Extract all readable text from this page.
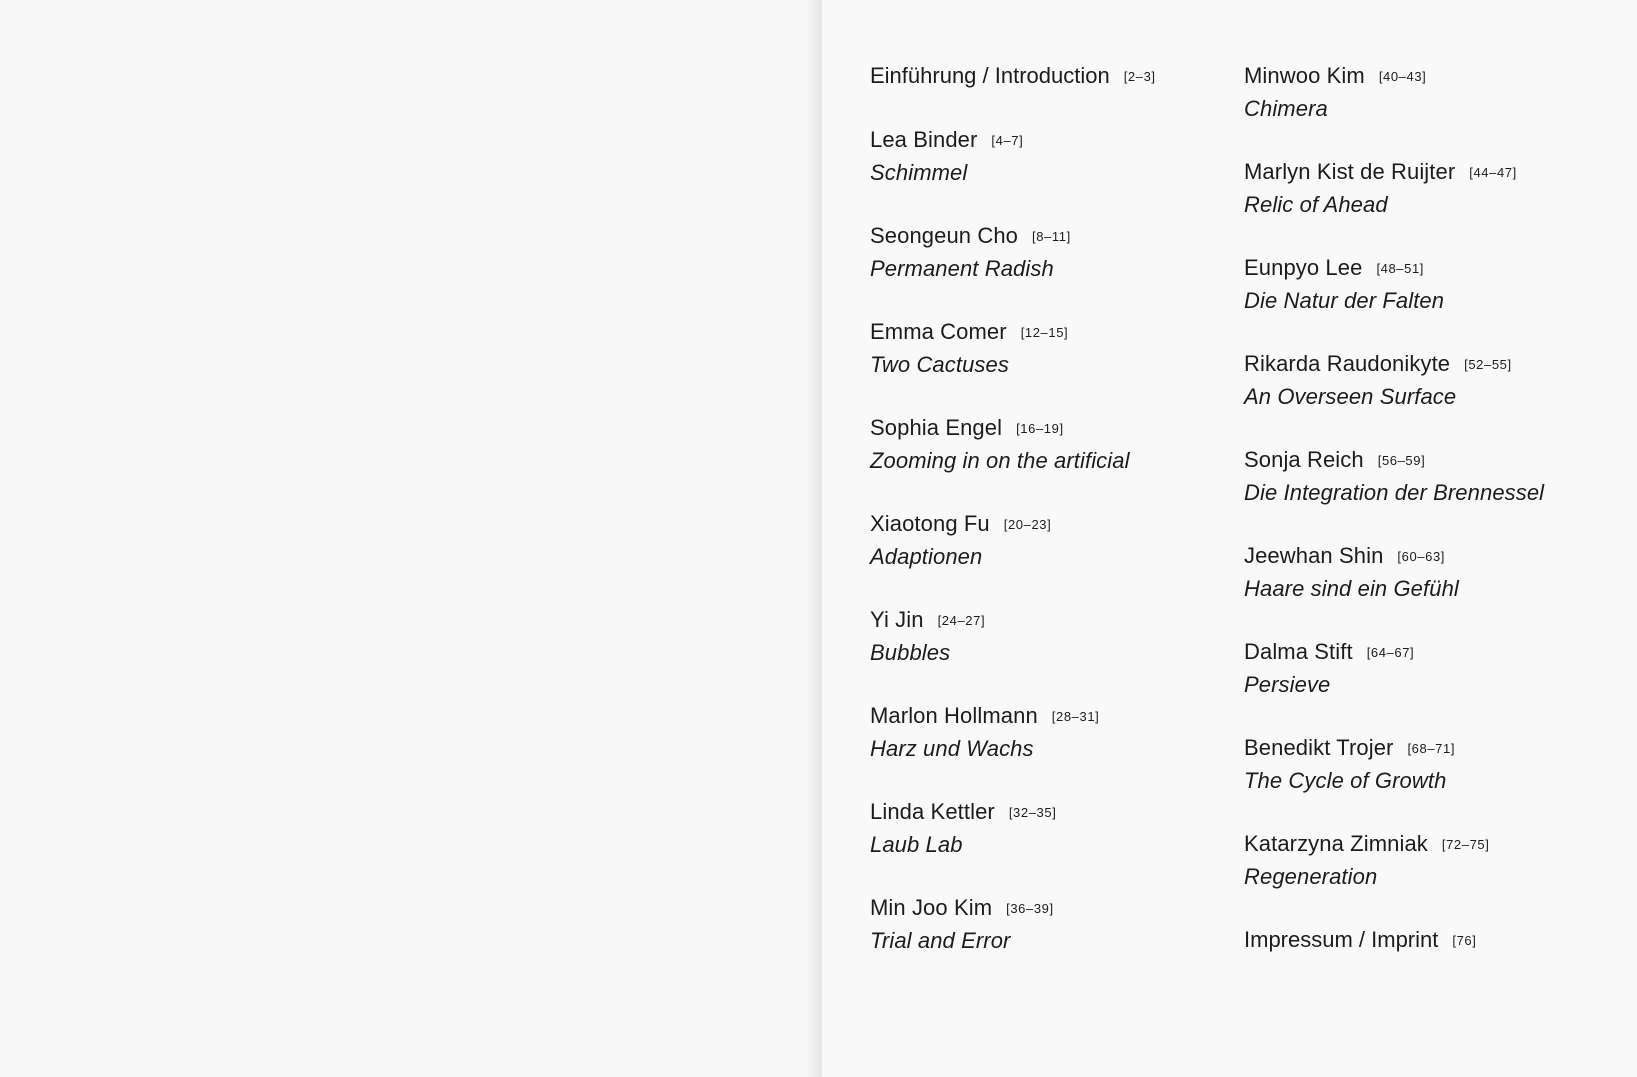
Einführung / Introduction [2–3]
Lea Binder [4–7]
Schimmel
Seongeun Cho [8–11]
Permanent Radish
Emma Comer [12–15]
Two Cactuses
Sophia Engel [16–19]
Zooming in on the artificial
Xiaotong Fu [20–23]
Adaptionen
Yi Jin [24–27]
Bubbles
Marlon Hollmann [28–31]
Harz und Wachs
Linda Kettler [32–35]
Laub Lab
Min Joo Kim [36–39]
Trial and Error
Minwoo Kim [40–43]
Chimera
Marlyn Kist de Ruijter [44–47]
Relic of Ahead
Eunpyo Lee [48–51]
Die Natur der Falten
Rikarda Raudonikyte [52–55]
An Overseen Surface
Sonja Reich [56–59]
Die Integration der Brennessel
Jeewhan Shin [60–63]
Haare sind ein Gefühl
Dalma Stift [64–67]
Persieve
Benedikt Trojer [68–71]
The Cycle of Growth
Katarzyna Zimniak [72–75]
Regeneration
Impressum / Imprint [76]
